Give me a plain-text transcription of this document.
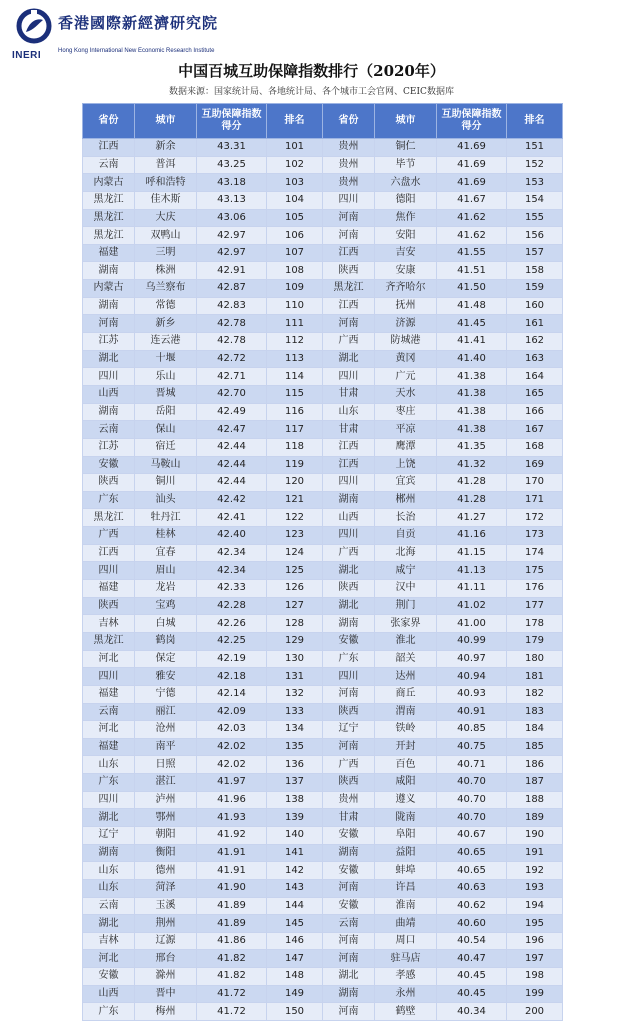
INERI
香港國際新經濟研究院
Hong Kong International New Economic Research Institute
中国百城互助保障指数排行（2020年）
数据来源：国家统计局、各地统计局、各个城市工会官网、CEIC数据库
省份	城市	互助保障指数得分	排名	省份	城市	互助保障指数得分	排名
江西	新余	43.31	101	贵州	铜仁	41.69	151
云南	普洱	43.25	102	贵州	毕节	41.69	152
内蒙古	呼和浩特	43.18	103	贵州	六盘水	41.69	153
黑龙江	佳木斯	43.13	104	四川	德阳	41.67	154
黑龙江	大庆	43.06	105	河南	焦作	41.62	155
黑龙江	双鸭山	42.97	106	河南	安阳	41.62	156
福建	三明	42.97	107	江西	吉安	41.55	157
湖南	株洲	42.91	108	陕西	安康	41.51	158
内蒙古	乌兰察布	42.87	109	黑龙江	齐齐哈尔	41.50	159
湖南	常德	42.83	110	江西	抚州	41.48	160
河南	新乡	42.78	111	河南	济源	41.45	161
江苏	连云港	42.78	112	广西	防城港	41.41	162
湖北	十堰	42.72	113	湖北	黄冈	41.40	163
四川	乐山	42.71	114	四川	广元	41.38	164
山西	晋城	42.70	115	甘肃	天水	41.38	165
湖南	岳阳	42.49	116	山东	枣庄	41.38	166
云南	保山	42.47	117	甘肃	平凉	41.38	167
江苏	宿迁	42.44	118	江西	鹰潭	41.35	168
安徽	马鞍山	42.44	119	江西	上饶	41.32	169
陕西	铜川	42.44	120	四川	宜宾	41.28	170
广东	汕头	42.42	121	湖南	郴州	41.28	171
黑龙江	牡丹江	42.41	122	山西	长治	41.27	172
广西	桂林	42.40	123	四川	自贡	41.16	173
江西	宜春	42.34	124	广西	北海	41.15	174
四川	眉山	42.34	125	湖北	咸宁	41.13	175
福建	龙岩	42.33	126	陕西	汉中	41.11	176
陕西	宝鸡	42.28	127	湖北	荆门	41.02	177
吉林	白城	42.26	128	湖南	张家界	41.00	178
黑龙江	鹤岗	42.25	129	安徽	淮北	40.99	179
河北	保定	42.19	130	广东	韶关	40.97	180
四川	雅安	42.18	131	四川	达州	40.94	181
福建	宁德	42.14	132	河南	商丘	40.93	182
云南	丽江	42.09	133	陕西	渭南	40.91	183
河北	沧州	42.03	134	辽宁	铁岭	40.85	184
福建	南平	42.02	135	河南	开封	40.75	185
山东	日照	42.02	136	广西	百色	40.71	186
广东	湛江	41.97	137	陕西	咸阳	40.70	187
四川	泸州	41.96	138	贵州	遵义	40.70	188
湖北	鄂州	41.93	139	甘肃	陇南	40.70	189
辽宁	朝阳	41.92	140	安徽	阜阳	40.67	190
湖南	衡阳	41.91	141	湖南	益阳	40.65	191
山东	德州	41.91	142	安徽	蚌埠	40.65	192
山东	菏泽	41.90	143	河南	许昌	40.63	193
云南	玉溪	41.89	144	安徽	淮南	40.62	194
湖北	荆州	41.89	145	云南	曲靖	40.60	195
吉林	辽源	41.86	146	河南	周口	40.54	196
河北	邢台	41.82	147	河南	驻马店	40.47	197
安徽	滁州	41.82	148	湖北	孝感	40.45	198
山西	晋中	41.72	149	湖南	永州	40.45	199
广东	梅州	41.72	150	河南	鹤壁	40.34	200
